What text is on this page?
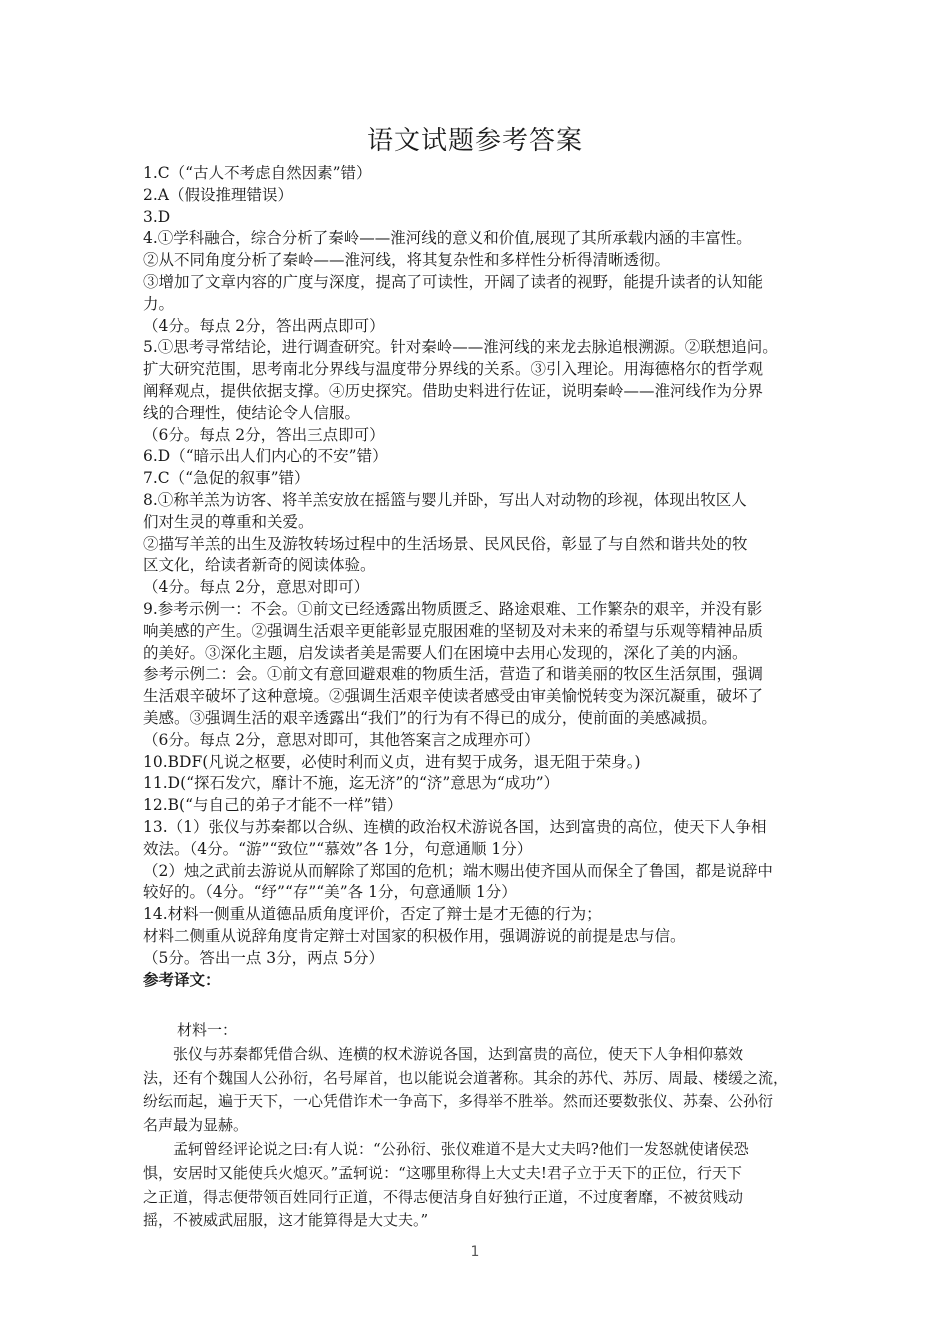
语文试题参考答案
1.C（“古人不考虑自然因素”错）
2.A（假设推理错误）
3.D
4.①学科融合，综合分析了秦岭——淮河线的意义和价值,展现了其所承载内涵的丰富性。
②从不同角度分析了秦岭——淮河线，将其复杂性和多样性分析得清晰透彻。
③增加了文章内容的广度与深度，提高了可读性，开阔了读者的视野，能提升读者的认知能
力。
（4分。每点 2分，答出两点即可）
5.①思考寻常结论，进行调查研究。针对秦岭——淮河线的来龙去脉追根溯源。②联想追问。
扩大研究范围，思考南北分界线与温度带分界线的关系。③引入理论。用海德格尔的哲学观
阐释观点，提供依据支撑。④历史探究。借助史料进行佐证，说明秦岭——淮河线作为分界
线的合理性，使结论令人信服。
（6分。每点 2分，答出三点即可）
6.D（“暗示出人们内心的不安”错）
7.C（“急促的叙事”错）
8.①称羊羔为访客、将羊羔安放在摇篮与婴儿并卧，写出人对动物的珍视，体现出牧区人
们对生灵的尊重和关爱。
②描写羊羔的出生及游牧转场过程中的生活场景、民风民俗，彰显了与自然和谐共处的牧
区文化，给读者新奇的阅读体验。
（4分。每点 2分，意思对即可）
9.参考示例一：不会。①前文已经透露出物质匮乏、路途艰难、工作繁杂的艰辛，并没有影
响美感的产生。②强调生活艰辛更能彰显克服困难的坚韧及对未来的希望与乐观等精神品质
的美好。③深化主题，启发读者美是需要人们在困境中去用心发现的，深化了美的内涵。
参考示例二：会。①前文有意回避艰难的物质生活，营造了和谐美丽的牧区生活氛围，强调
生活艰辛破坏了这种意境。②强调生活艰辛使读者感受由审美愉悦转变为深沉凝重，破坏了
美感。③强调生活的艰辛透露出“我们”的行为有不得已的成分，使前面的美感减损。
（6分。每点 2分，意思对即可，其他答案言之成理亦可）
10.BDF(凡说之枢要，必使时利而义贞，进有契于成务，退无阻于荣身。)
11.D(“探石发穴，靡计不施，迄无济”的“济”意思为“成功”）
12.B(“与自己的弟子才能不一样”错）
13.（1）张仪与苏秦都以合纵、连横的政治权术游说各国，达到富贵的高位，使天下人争相
效法。（4分。“游”“致位”“慕效”各 1分，句意通顺 1分）
（2）烛之武前去游说从而解除了郑国的危机；端木赐出使齐国从而保全了鲁国，都是说辞中
较好的。（4分。“纾”“存”“美”各 1分，句意通顺 1分）
14.材料一侧重从道德品质角度评价，否定了辩士是才无德的行为；
材料二侧重从说辞角度肯定辩士对国家的积极作用，强调游说的前提是忠与信。
（5分。答出一点 3分，两点 5分）
参考译文：
材料一：
张仪与苏秦都凭借合纵、连横的权术游说各国，达到富贵的高位，使天下人争相仰慕效
法，还有个魏国人公孙衍，名号犀首，也以能说会道著称。其余的苏代、苏厉、周最、楼缓之流，
纷纭而起，遍于天下，一心凭借诈术一争高下，多得举不胜举。然而还要数张仪、苏秦、公孙衍
名声最为显赫。
孟轲曾经评论说之曰:有人说：“公孙衍、张仪难道不是大丈夫吗?他们一发怒就使诸侯恐
惧，安居时又能使兵火熄灭。”孟轲说：“这哪里称得上大丈夫!君子立于天下的正位，行天下
之正道，得志便带领百姓同行正道，不得志便洁身自好独行正道，不过度奢靡，不被贫贱动
摇，不被威武屈服，这才能算得是大丈夫。”
1
